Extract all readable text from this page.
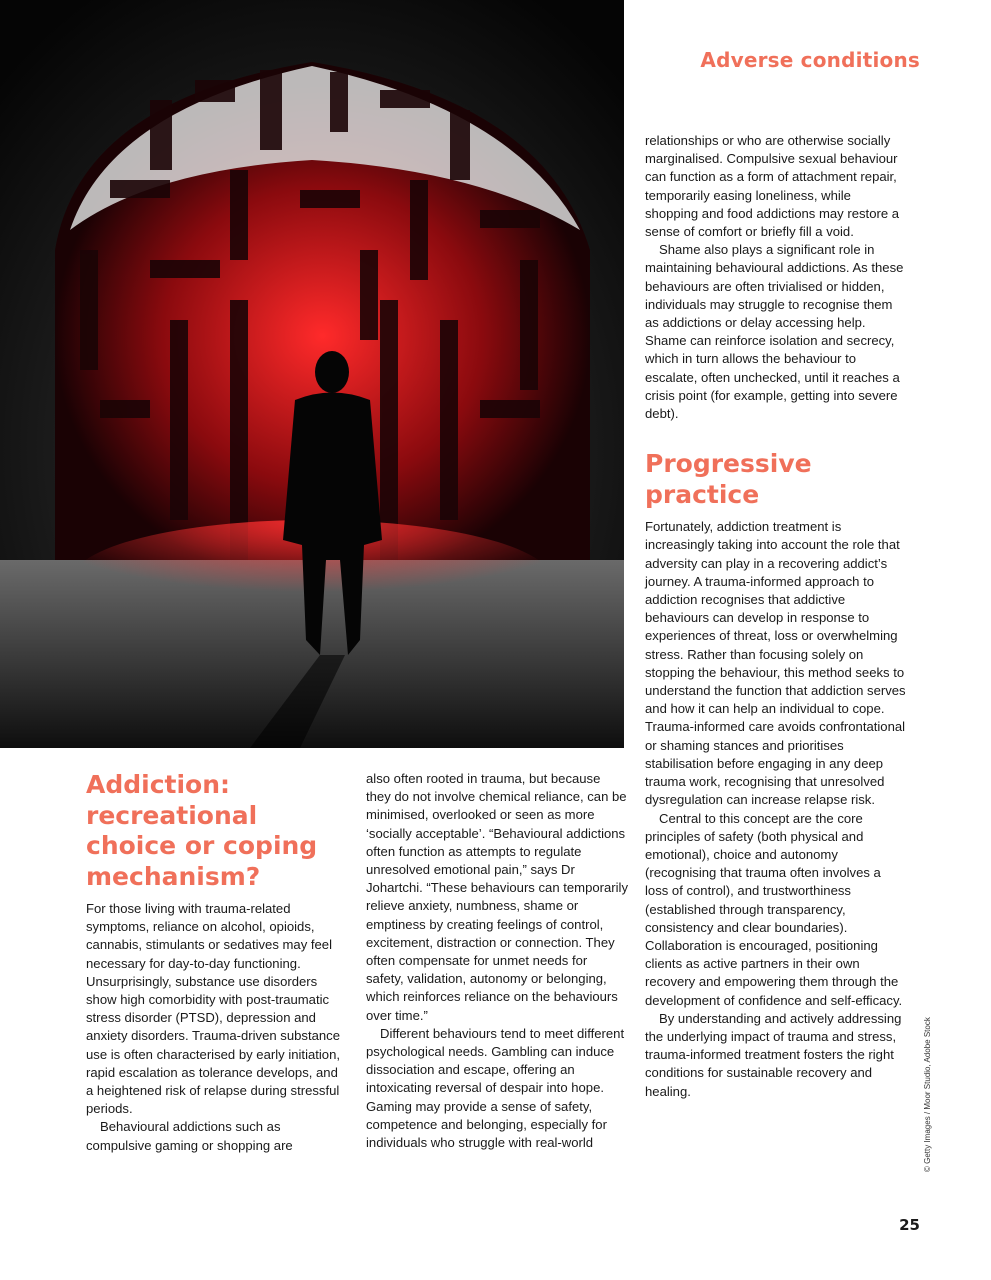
Adverse conditions
Addiction: recreational choice or coping mechanism?

For those living with trauma-related symptoms, reliance on alcohol, opioids, cannabis, stimulants or sedatives may feel necessary for day-to-day functioning. Unsurprisingly, substance use disorders show high comorbidity with post-traumatic stress disorder (PTSD), depression and anxiety disorders. Trauma-driven substance use is often characterised by early initiation, rapid escalation as tolerance develops, and a heightened risk of relapse during stressful periods.

Behavioural addictions such as compulsive gaming or shopping are

also often rooted in trauma, but because they do not involve chemical reliance, can be minimised, overlooked or seen as more ‘socially acceptable’. “Behavioural addictions often function as attempts to regulate unresolved emotional pain,” says Dr Johartchi. “These behaviours can temporarily relieve anxiety, numbness, shame or emptiness by creating feelings of control, excitement, distraction or connection. They often compensate for unmet needs for safety, validation, autonomy or belonging, which reinforces reliance on the behaviours over time.”

Different behaviours tend to meet different psychological needs. Gambling can induce dissociation and escape, offering an intoxicating reversal of despair into hope. Gaming may provide a sense of safety, competence and belonging, especially for individuals who struggle with real-world

relationships or who are otherwise socially marginalised. Compulsive sexual behaviour can function as a form of attachment repair, temporarily easing loneliness, while shopping and food addictions may restore a sense of comfort or briefly fill a void.

Shame also plays a significant role in maintaining behavioural addictions. As these behaviours are often trivialised or hidden, individuals may struggle to recognise them as addictions or delay accessing help. Shame can reinforce isolation and secrecy, which in turn allows the behaviour to escalate, often unchecked, until it reaches a crisis point (for example, getting into severe debt).

Progressive practice

Fortunately, addiction treatment is increasingly taking into account the role that adversity can play in a recovering addict’s journey. A trauma-informed approach to addiction recognises that addictive behaviours can develop in response to experiences of threat, loss or overwhelming stress. Rather than focusing solely on stopping the behaviour, this method seeks to understand the function that addiction serves and how it can help an individual to cope. Trauma-informed care avoids confrontational or shaming stances and prioritises stabilisation before engaging in any deep trauma work, recognising that unresolved dysregulation can increase relapse risk.

Central to this concept are the core principles of safety (both physical and emotional), choice and autonomy (recognising that trauma often involves a loss of control), and trustworthiness (established through transparency, consistency and clear boundaries). Collaboration is encouraged, positioning clients as active partners in their own recovery and empowering them through the development of confidence and self-efficacy.

By understanding and actively addressing the underlying impact of trauma and stress, trauma-informed treatment fosters the right conditions for sustainable recovery and healing.	© Getty Images / Moor Studio, Adobe Stock
25
